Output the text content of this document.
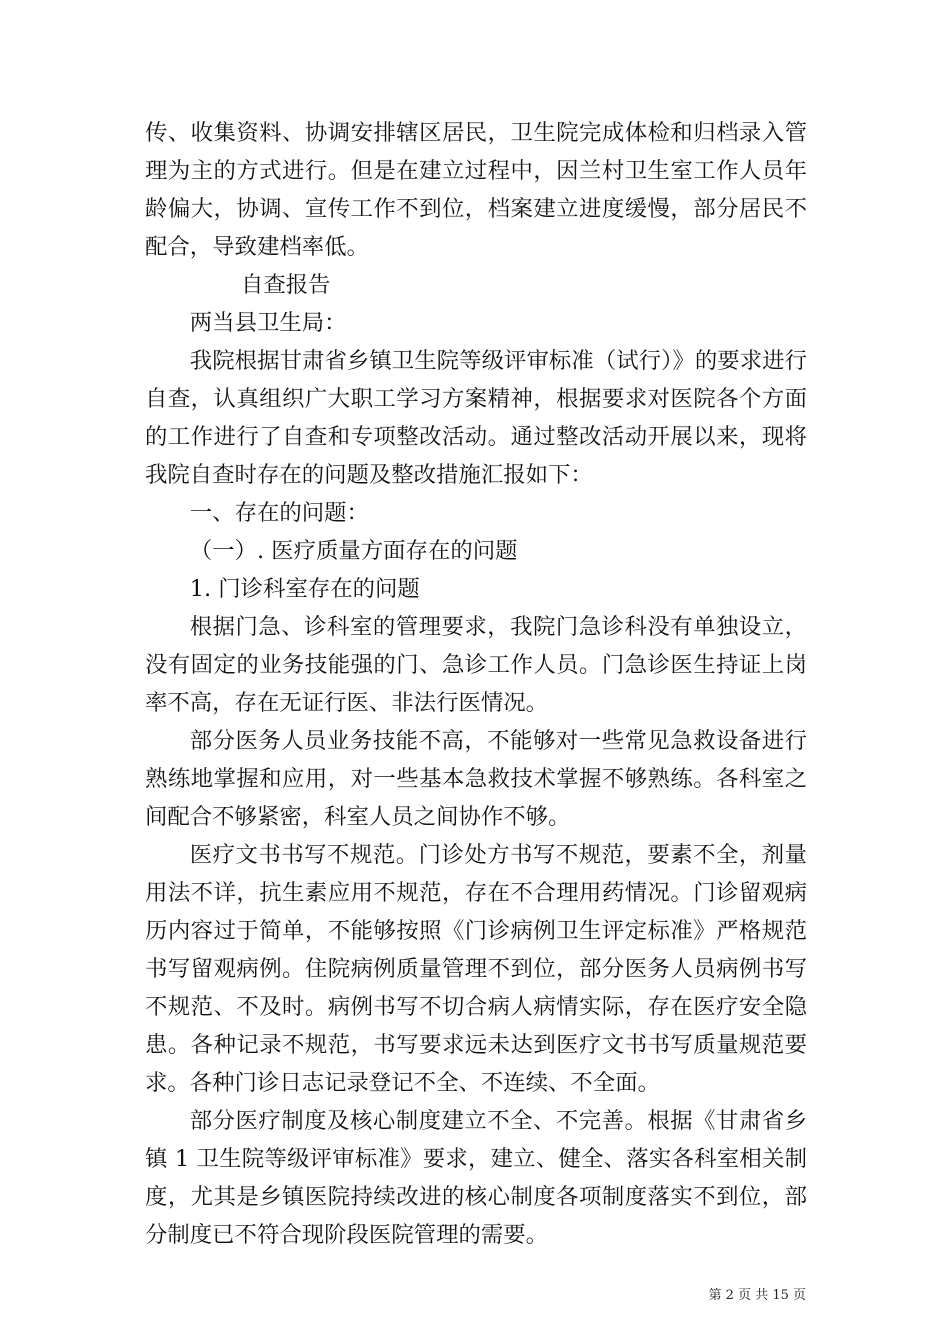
传、收集资料、协调安排辖区居民，卫生院完成体检和归档录入管理为主的方式进行。但是在建立过程中，因兰村卫生室工作人员年龄偏大，协调、宣传工作不到位，档案建立进度缓慢，部分居民不配合，导致建档率低。

自查报告

两当县卫生局：

我院根据甘肃省乡镇卫生院等级评审标准（试行）》的要求进行自查，认真组织广大职工学习方案精神，根据要求对医院各个方面的工作进行了自查和专项整改活动。通过整改活动开展以来，现将我院自查时存在的问题及整改措施汇报如下：

一、存在的问题：

（一）. 医疗质量方面存在的问题

1. 门诊科室存在的问题

根据门急、诊科室的管理要求，我院门急诊科没有单独设立，没有固定的业务技能强的门、急诊工作人员。门急诊医生持证上岗率不高，存在无证行医、非法行医情况。

部分医务人员业务技能不高，不能够对一些常见急救设备进行熟练地掌握和应用，对一些基本急救技术掌握不够熟练。各科室之间配合不够紧密，科室人员之间协作不够。

医疗文书书写不规范。门诊处方书写不规范，要素不全，剂量用法不详，抗生素应用不规范，存在不合理用药情况。门诊留观病历内容过于简单，不能够按照《门诊病例卫生评定标准》严格规范书写留观病例。住院病例质量管理不到位，部分医务人员病例书写不规范、不及时。病例书写不切合病人病情实际，存在医疗安全隐患。各种记录不规范，书写要求远未达到医疗文书书写质量规范要求。各种门诊日志记录登记不全、不连续、不全面。

部分医疗制度及核心制度建立不全、不完善。根据《甘肃省乡镇 1 卫生院等级评审标准》要求，建立、健全、落实各科室相关制度，尤其是乡镇医院持续改进的核心制度各项制度落实不到位，部分制度已不符合现阶段医院管理的需要。

第 2 页 共 15 页
